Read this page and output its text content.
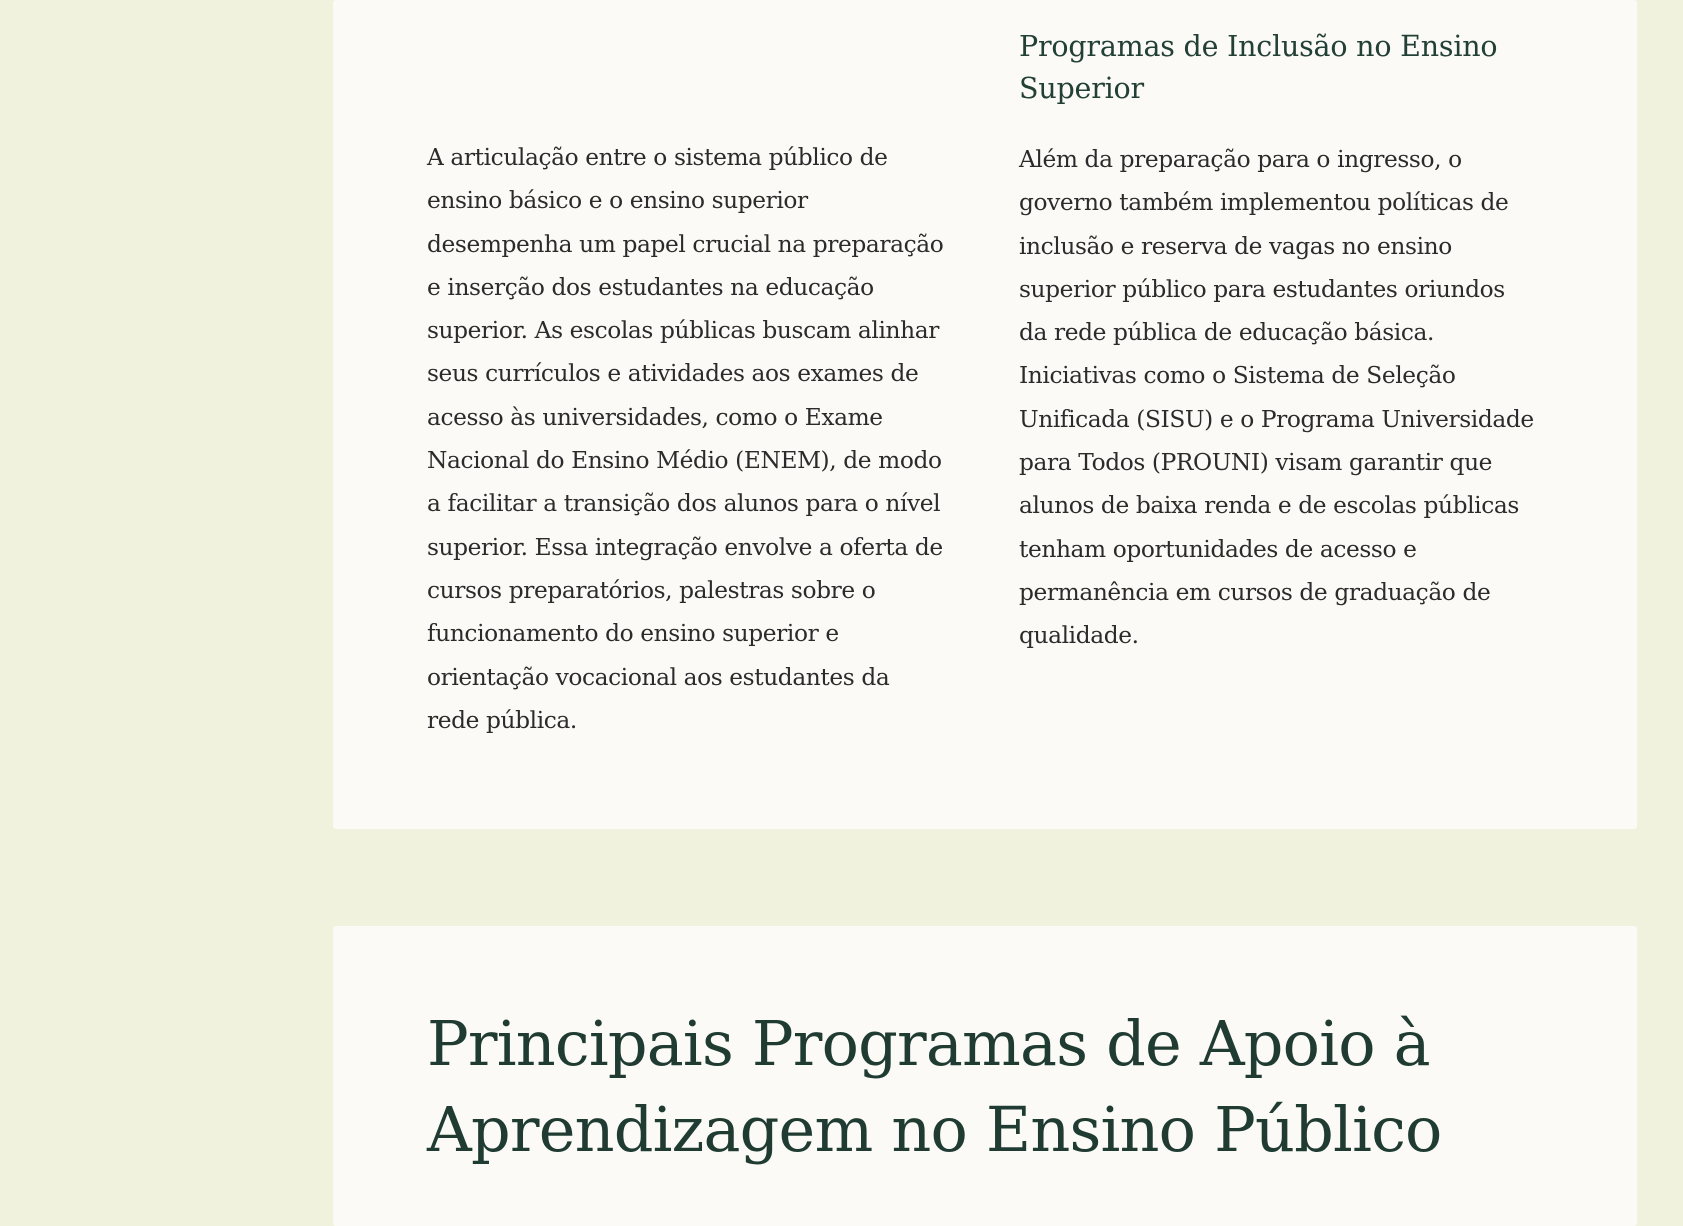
A articulação entre o sistema público de ensino básico e o ensino superior desempenha um papel crucial na preparação e inserção dos estudantes na educação superior. As escolas públicas buscam alinhar seus currículos e atividades aos exames de acesso às universidades, como o Exame Nacional do Ensino Médio (ENEM), de modo a facilitar a transição dos alunos para o nível superior. Essa integração envolve a oferta de cursos preparatórios, palestras sobre o funcionamento do ensino superior e orientação vocacional aos estudantes da rede pública.

Programas de Inclusão no Ensino Superior

Além da preparação para o ingresso, o governo também implementou políticas de inclusão e reserva de vagas no ensino superior público para estudantes oriundos da rede pública de educação básica. Iniciativas como o Sistema de Seleção Unificada (SISU) e o Programa Universidade para Todos (PROUNI) visam garantir que alunos de baixa renda e de escolas públicas tenham oportunidades de acesso e permanência em cursos de graduação de qualidade.

Principais Programas de Apoio à Aprendizagem no Ensino Público
